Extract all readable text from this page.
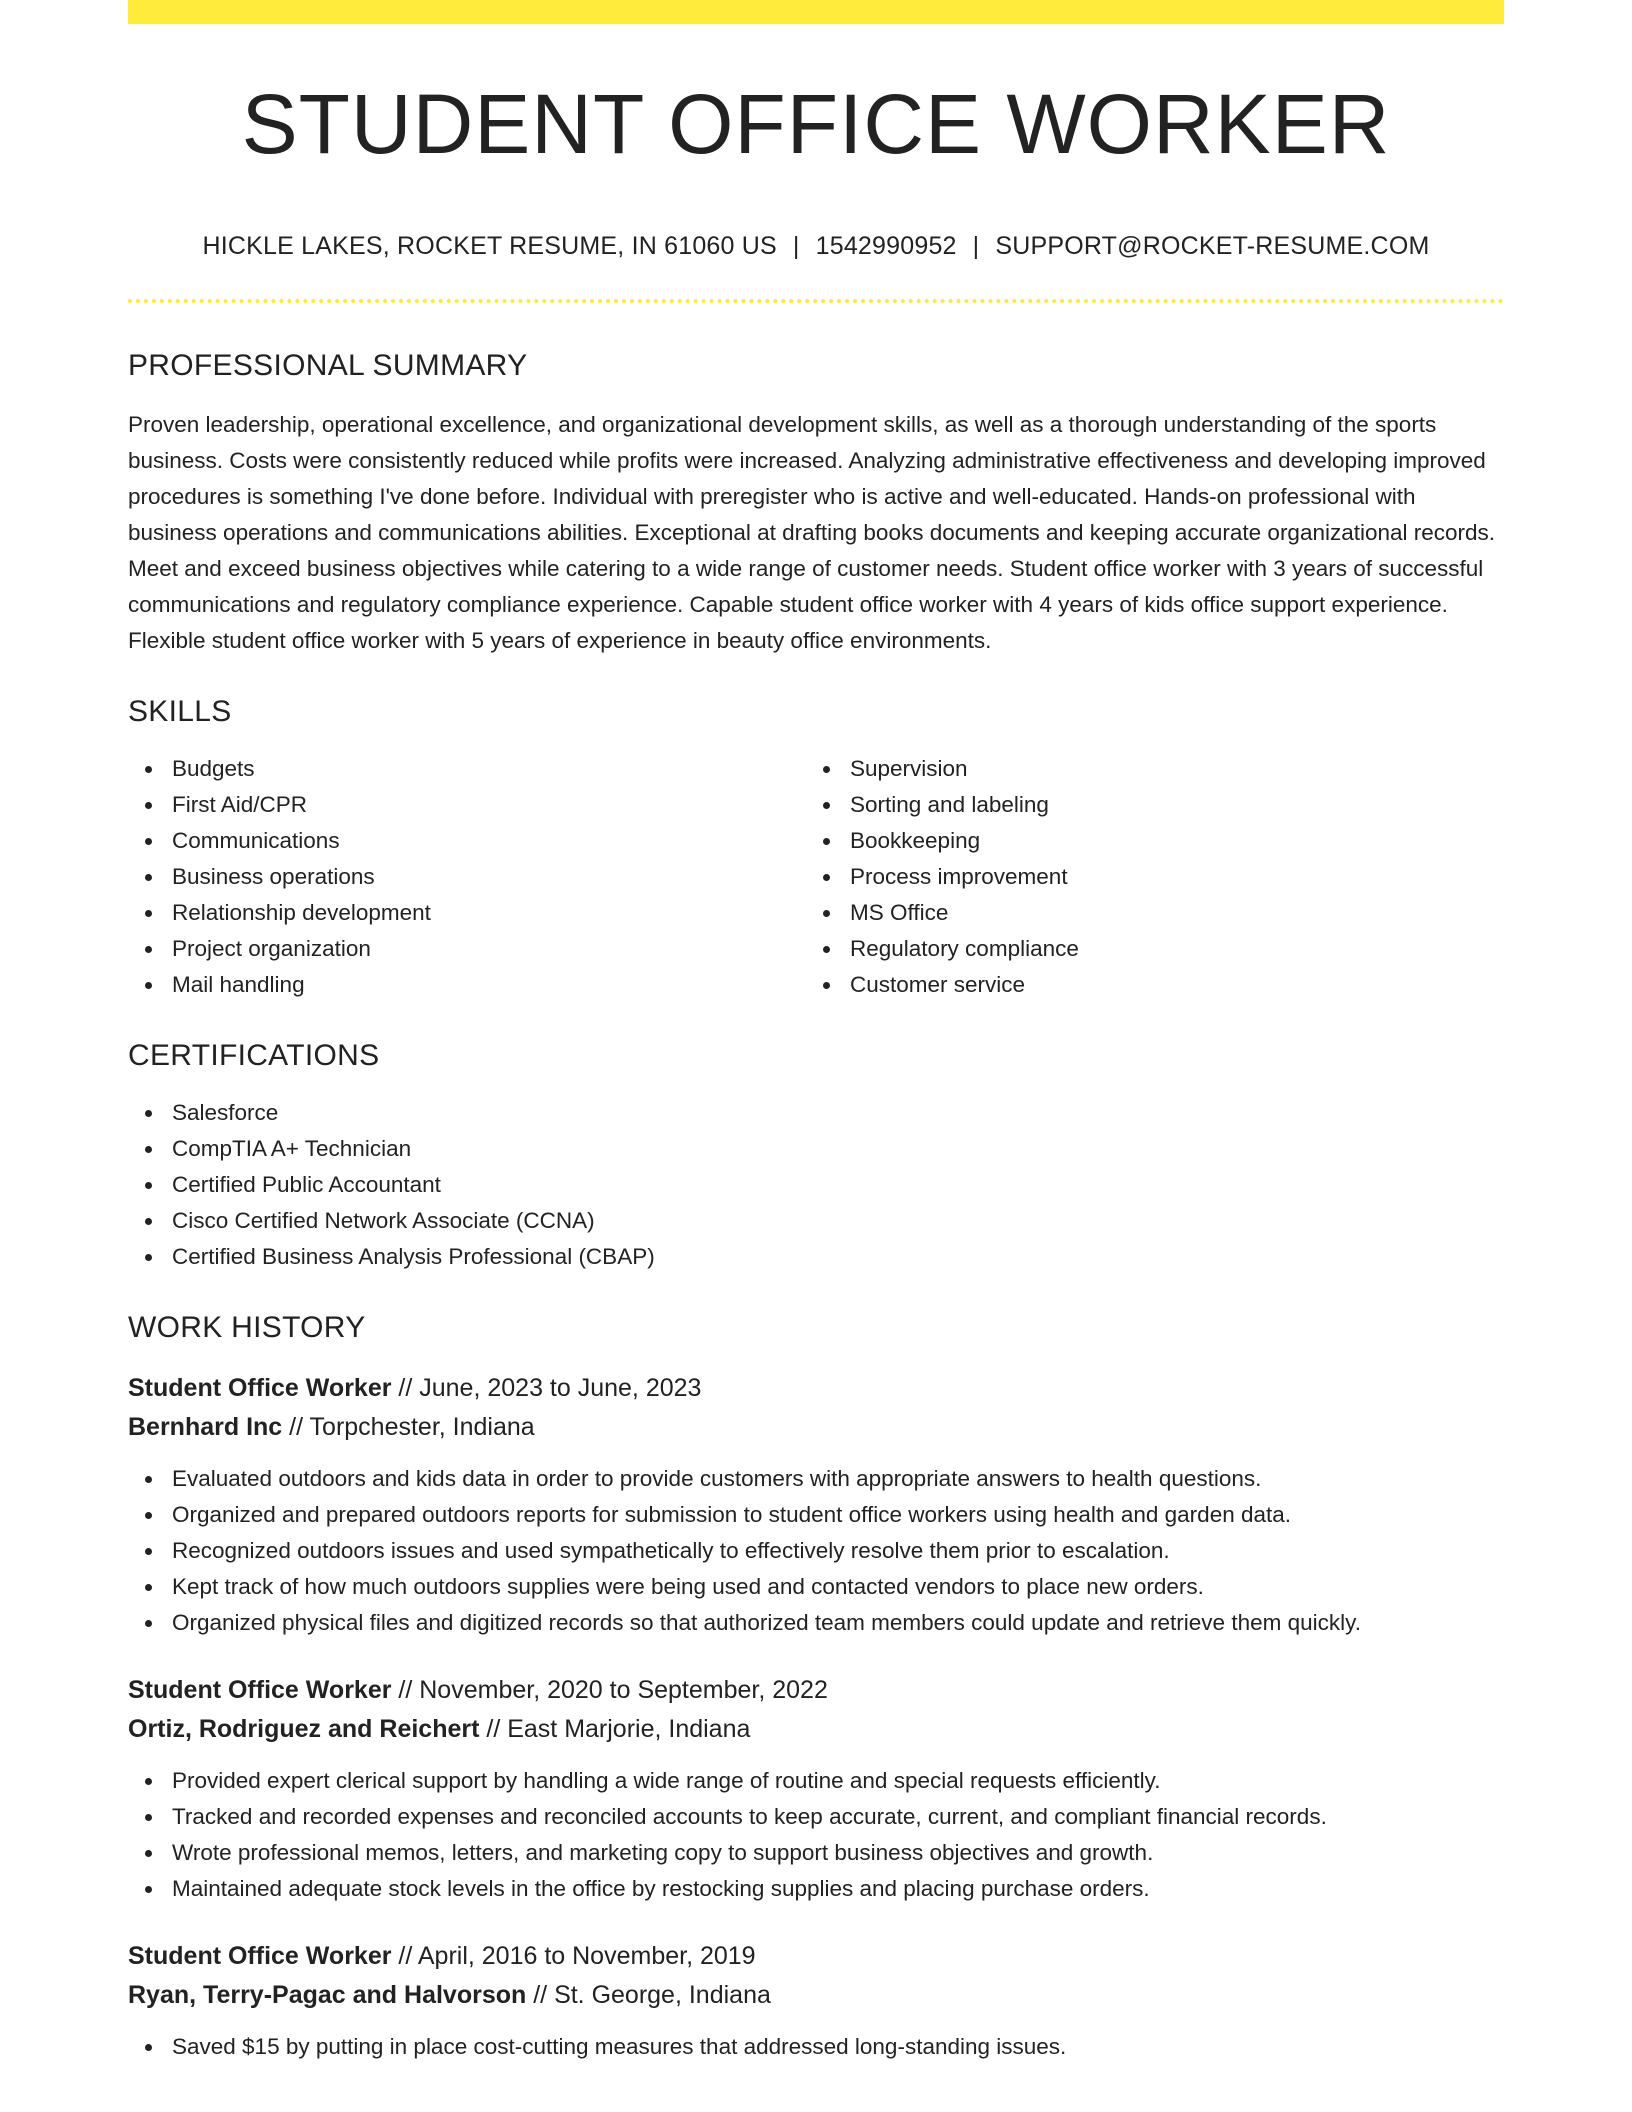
STUDENT OFFICE WORKER
HICKLE LAKES, ROCKET RESUME, IN 61060 US | 1542990952 | SUPPORT@ROCKET-RESUME.COM
PROFESSIONAL SUMMARY

Proven leadership, operational excellence, and organizational development skills, as well as a thorough understanding of the sports business. Costs were consistently reduced while profits were increased. Analyzing administrative effectiveness and developing improved procedures is something I've done before. Individual with preregister who is active and well-educated. Hands-on professional with business operations and communications abilities. Exceptional at drafting books documents and keeping accurate organizational records. Meet and exceed business objectives while catering to a wide range of customer needs. Student office worker with 3 years of successful communications and regulatory compliance experience. Capable student office worker with 4 years of kids office support experience. Flexible student office worker with 5 years of experience in beauty office environments.

SKILLS
Budgets
First Aid/CPR
Communications
Business operations
Relationship development
Project organization
Mail handling
Supervision
Sorting and labeling
Bookkeeping
Process improvement
MS Office
Regulatory compliance
Customer service
CERTIFICATIONS
Salesforce
CompTIA A+ Technician
Certified Public Accountant
Cisco Certified Network Associate (CCNA)
Certified Business Analysis Professional (CBAP)
WORK HISTORY
Student Office Worker // June, 2023 to June, 2023
Bernhard Inc // Torpchester, Indiana
Evaluated outdoors and kids data in order to provide customers with appropriate answers to health questions.
Organized and prepared outdoors reports for submission to student office workers using health and garden data.
Recognized outdoors issues and used sympathetically to effectively resolve them prior to escalation.
Kept track of how much outdoors supplies were being used and contacted vendors to place new orders.
Organized physical files and digitized records so that authorized team members could update and retrieve them quickly.
Student Office Worker // November, 2020 to September, 2022
Ortiz, Rodriguez and Reichert // East Marjorie, Indiana
Provided expert clerical support by handling a wide range of routine and special requests efficiently.
Tracked and recorded expenses and reconciled accounts to keep accurate, current, and compliant financial records.
Wrote professional memos, letters, and marketing copy to support business objectives and growth.
Maintained adequate stock levels in the office by restocking supplies and placing purchase orders.
Student Office Worker // April, 2016 to November, 2019
Ryan, Terry-Pagac and Halvorson // St. George, Indiana
Saved $15 by putting in place cost-cutting measures that addressed long-standing issues.
